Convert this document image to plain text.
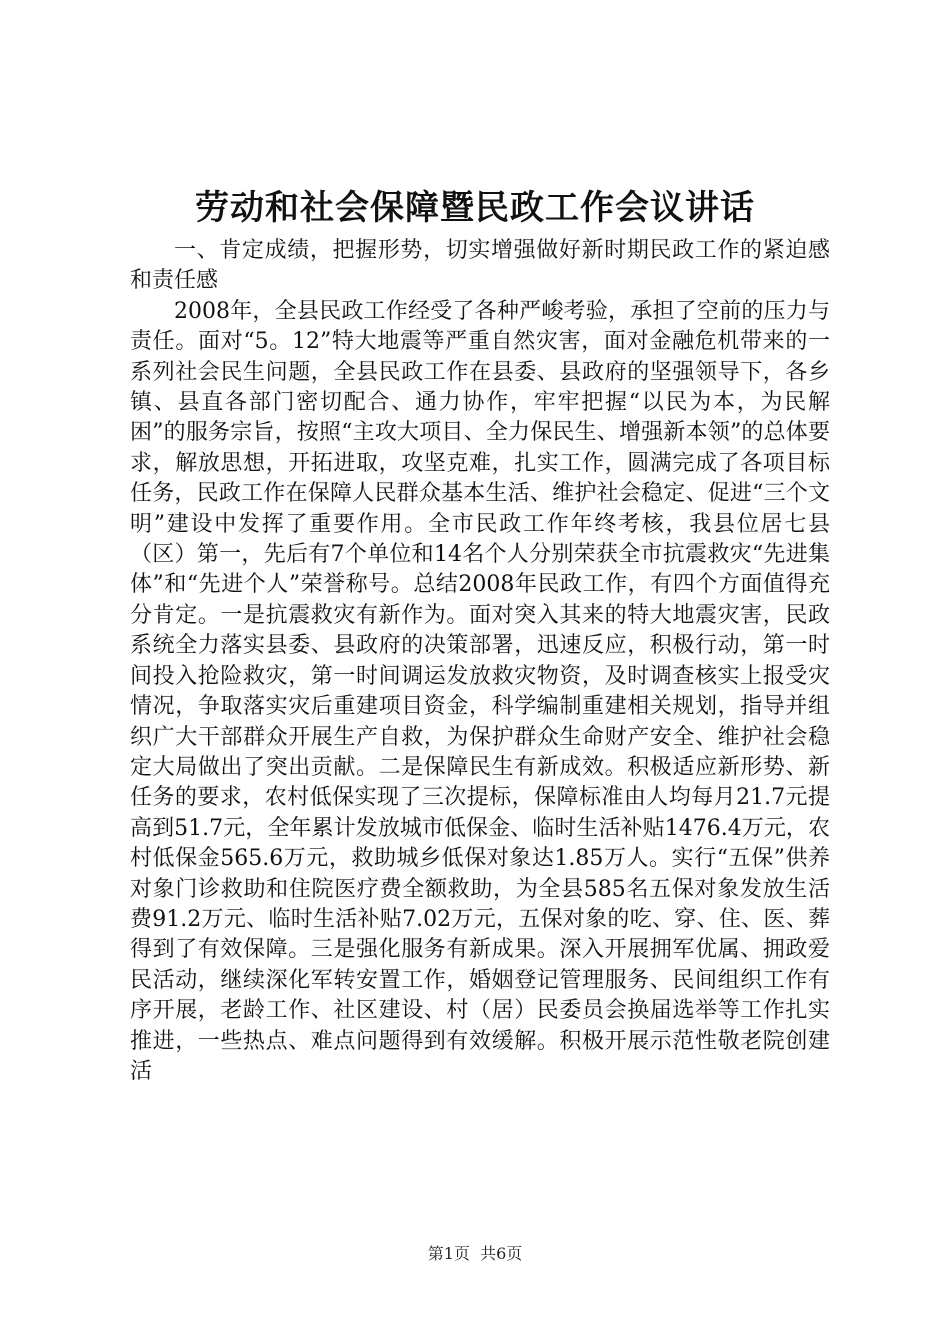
劳动和社会保障暨民政工作会议讲话

一、肯定成绩，把握形势，切实增强做好新时期民政工作的紧迫感和责任感

2008年，全县民政工作经受了各种严峻考验，承担了空前的压力与责任。面对“5。12”特大地震等严重自然灾害，面对金融危机带来的一系列社会民生问题，全县民政工作在县委、县政府的坚强领导下，各乡镇、县直各部门密切配合、通力协作，牢牢把握“以民为本，为民解困”的服务宗旨，按照“主攻大项目、全力保民生、增强新本领”的总体要求，解放思想，开拓进取，攻坚克难，扎实工作，圆满完成了各项目标任务，民政工作在保障人民群众基本生活、维护社会稳定、促进“三个文明”建设中发挥了重要作用。全市民政工作年终考核，我县位居七县（区）第一，先后有7个单位和14名个人分别荣获全市抗震救灾“先进集体”和“先进个人”荣誉称号。总结2008年民政工作，有四个方面值得充分肯定。一是抗震救灾有新作为。面对突入其来的特大地震灾害，民政系统全力落实县委、县政府的决策部署，迅速反应，积极行动，第一时间投入抢险救灾，第一时间调运发放救灾物资，及时调查核实上报受灾情况，争取落实灾后重建项目资金，科学编制重建相关规划，指导并组织广大干部群众开展生产自救，为保护群众生命财产安全、维护社会稳定大局做出了突出贡献。二是保障民生有新成效。积极适应新形势、新任务的要求，农村低保实现了三次提标，保障标准由人均每月21.7元提高到51.7元，全年累计发放城市低保金、临时生活补贴1476.4万元，农村低保金565.6万元，救助城乡低保对象达1.85万人。实行“五保”供养对象门诊救助和住院医疗费全额救助，为全县585名五保对象发放生活费91.2万元、临时生活补贴7.02万元，五保对象的吃、穿、住、医、葬得到了有效保障。三是强化服务有新成果。深入开展拥军优属、拥政爱民活动，继续深化军转安置工作，婚姻登记管理服务、民间组织工作有序开展，老龄工作、社区建设、村（居）民委员会换届选举等工作扎实推进，一些热点、难点问题得到有效缓解。积极开展示范性敬老院创建活

第1页  共6页
